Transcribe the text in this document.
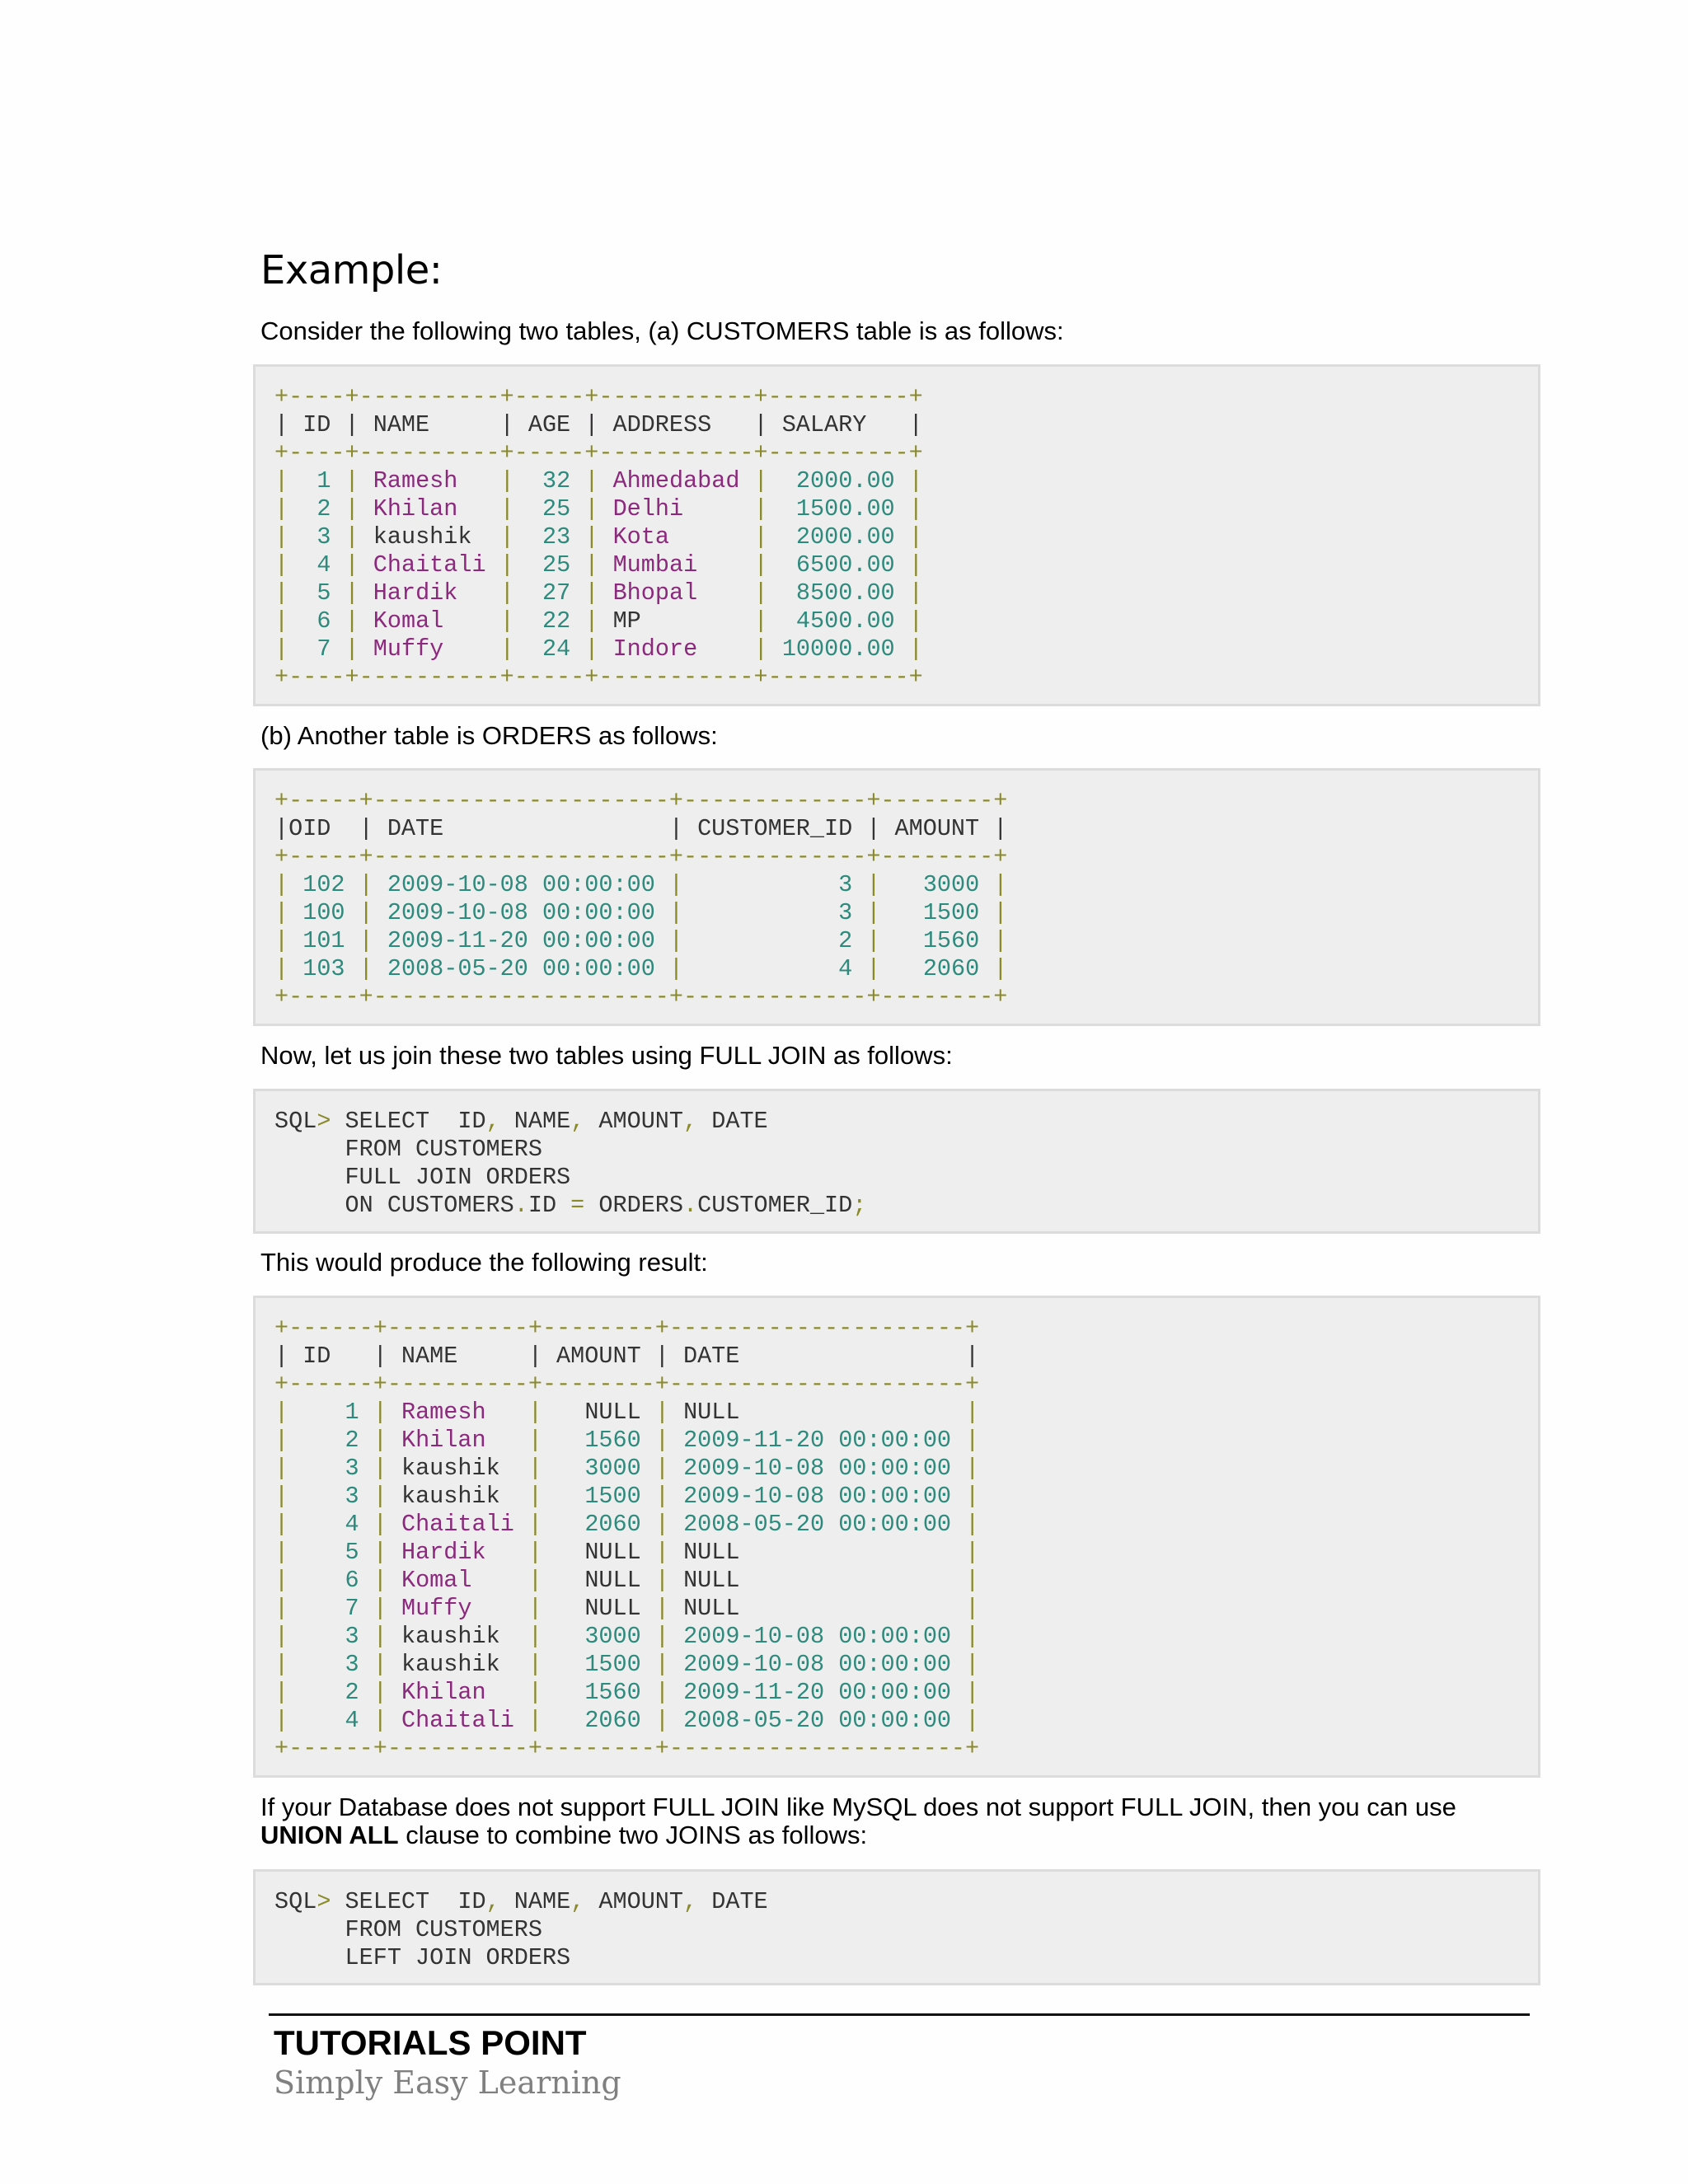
Example:

Consider the following two tables, (a) CUSTOMERS table is as follows:

+----+----------+-----+-----------+----------+
| ID | NAME     | AGE | ADDRESS   | SALARY   |
+----+----------+-----+-----------+----------+
|  1 | Ramesh   |  32 | Ahmedabad |  2000.00 |
|  2 | Khilan   |  25 | Delhi     |  1500.00 |
|  3 | kaushik  |  23 | Kota      |  2000.00 |
|  4 | Chaitali |  25 | Mumbai    |  6500.00 |
|  5 | Hardik   |  27 | Bhopal    |  8500.00 |
|  6 | Komal    |  22 | MP        |  4500.00 |
|  7 | Muffy    |  24 | Indore    | 10000.00 |
+----+----------+-----+-----------+----------+

(b) Another table is ORDERS as follows:

+-----+---------------------+-------------+--------+
|OID  | DATE                | CUSTOMER_ID | AMOUNT |
+-----+---------------------+-------------+--------+
| 102 | 2009-10-08 00:00:00 |           3 |   3000 |
| 100 | 2009-10-08 00:00:00 |           3 |   1500 |
| 101 | 2009-11-20 00:00:00 |           2 |   1560 |
| 103 | 2008-05-20 00:00:00 |           4 |   2060 |
+-----+---------------------+-------------+--------+

Now, let us join these two tables using FULL JOIN as follows:

SQL> SELECT  ID, NAME, AMOUNT, DATE
FROM CUSTOMERS
FULL JOIN ORDERS
ON CUSTOMERS.ID = ORDERS.CUSTOMER_ID;

This would produce the following result:

+------+----------+--------+---------------------+
| ID   | NAME     | AMOUNT | DATE                |
+------+----------+--------+---------------------+
|    1 | Ramesh   |   NULL | NULL                |
|    2 | Khilan   |   1560 | 2009-11-20 00:00:00 |
|    3 | kaushik  |   3000 | 2009-10-08 00:00:00 |
|    3 | kaushik  |   1500 | 2009-10-08 00:00:00 |
|    4 | Chaitali |   2060 | 2008-05-20 00:00:00 |
|    5 | Hardik   |   NULL | NULL                |
|    6 | Komal    |   NULL | NULL                |
|    7 | Muffy    |   NULL | NULL                |
|    3 | kaushik  |   3000 | 2009-10-08 00:00:00 |
|    3 | kaushik  |   1500 | 2009-10-08 00:00:00 |
|    2 | Khilan   |   1560 | 2009-11-20 00:00:00 |
|    4 | Chaitali |   2060 | 2008-05-20 00:00:00 |
+------+----------+--------+---------------------+

If your Database does not support FULL JOIN like MySQL does not support FULL JOIN, then you can use UNION ALL clause to combine two JOINS as follows:

SQL> SELECT  ID, NAME, AMOUNT, DATE
FROM CUSTOMERS
LEFT JOIN ORDERS

TUTORIALS POINT

Simply Easy Learning
